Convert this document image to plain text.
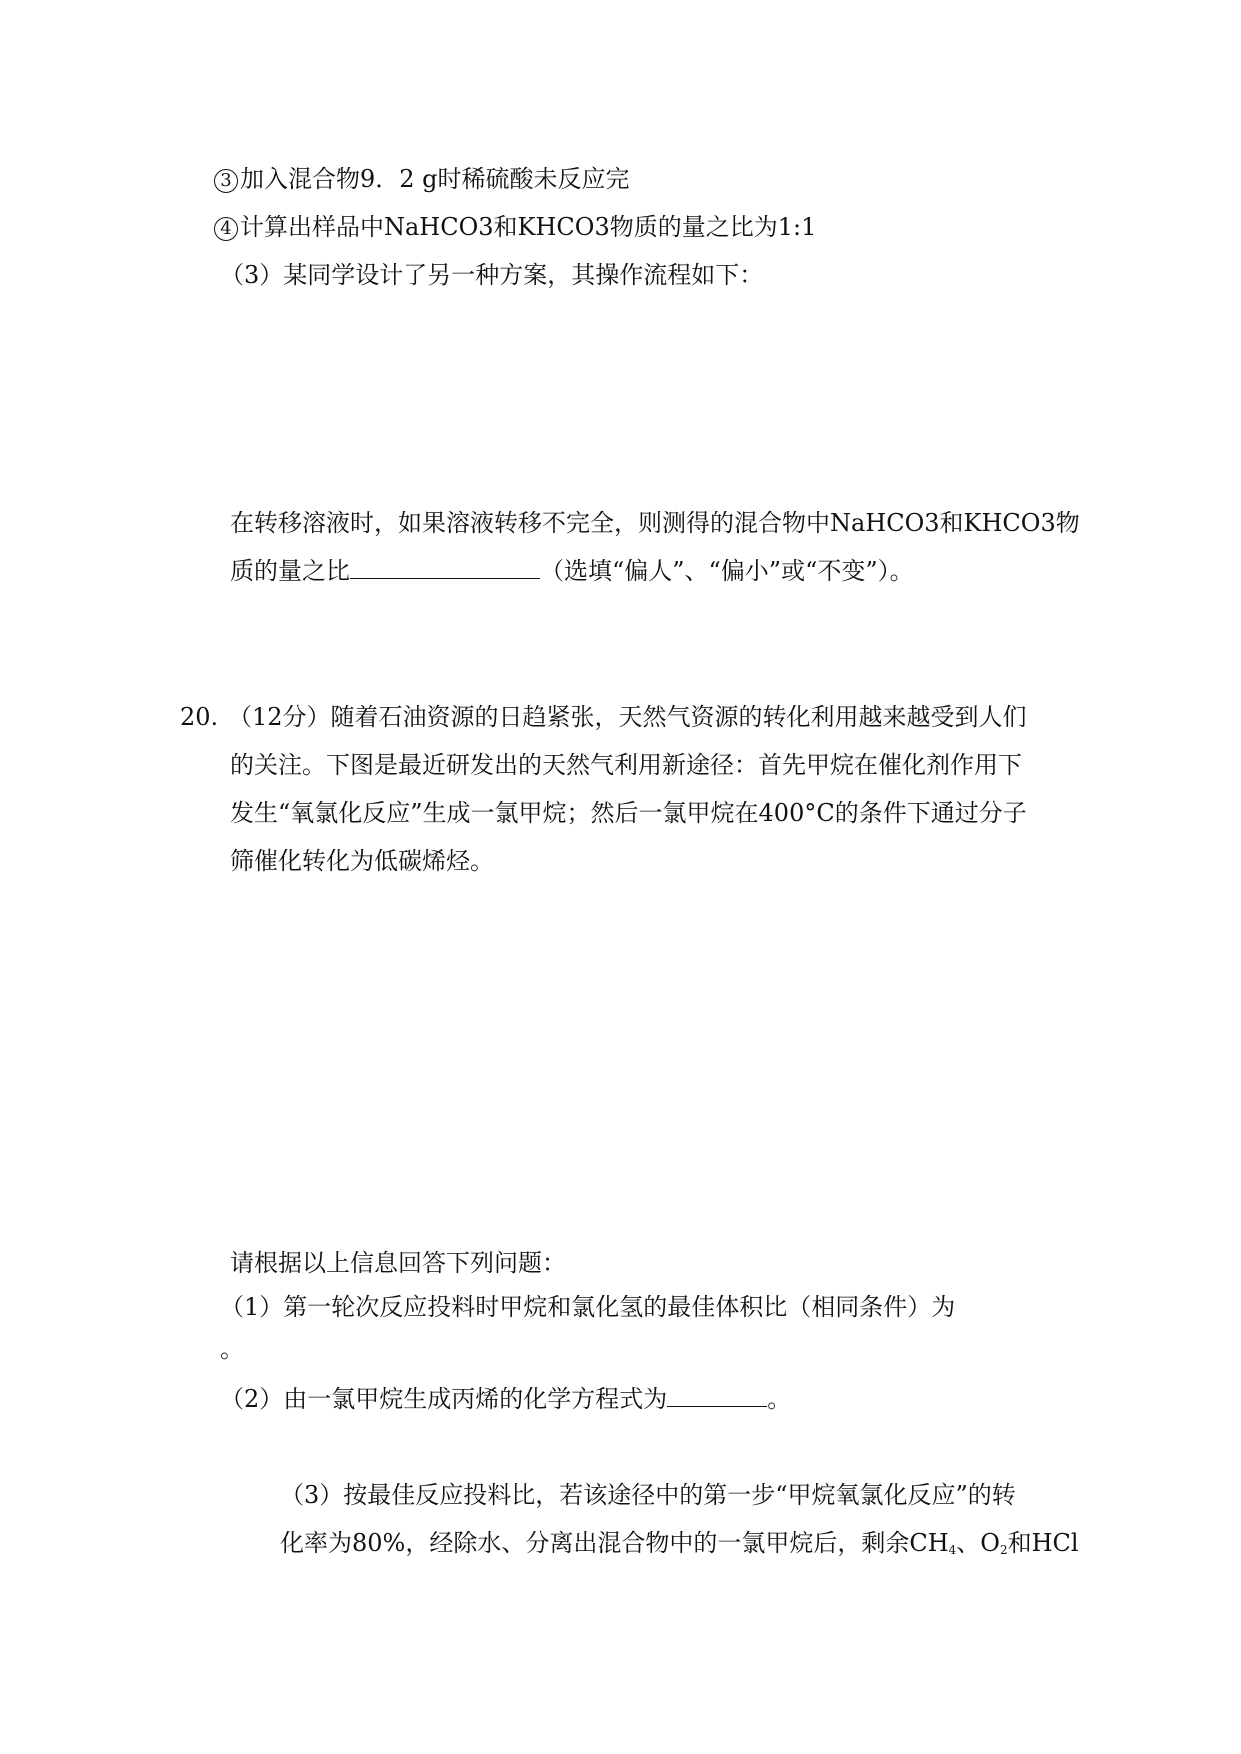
3 加入混合物9．2 g时稀硫酸未反应完
4 计算出样品中NaHCO3和KHCO3物质的量之比为1:1
（3）某同学设计了另一种方案，其操作流程如下：
在转移溶液时，如果溶液转移不完全，则测得的混合物中NaHCO3和KHCO3物
质的量之比	（选填“偏人”、“偏小”或“不变”）。
20. （12分）随着石油资源的日趋紧张，天然气资源的转化利用越来越受到人们
的关注。下图是最近研发出的天然气利用新途径：首先甲烷在催化剂作用下
发生“氧氯化反应”生成一氯甲烷；然后一氯甲烷在400°C的条件下通过分子
筛催化转化为低碳烯烃。
请根据以上信息回答下列问题：
（1）第一轮次反应投料时甲烷和氯化氢的最佳体积比（相同条件）为
。
（2）由一氯甲烷生成丙烯的化学方程式为	。
（3）按最佳反应投料比，若该途径中的第一步“甲烷氧氯化反应”的转
化率为80%，经除水、分离出混合物中的一氯甲烷后，剩余$CH_4$、$O_2$和HCl
